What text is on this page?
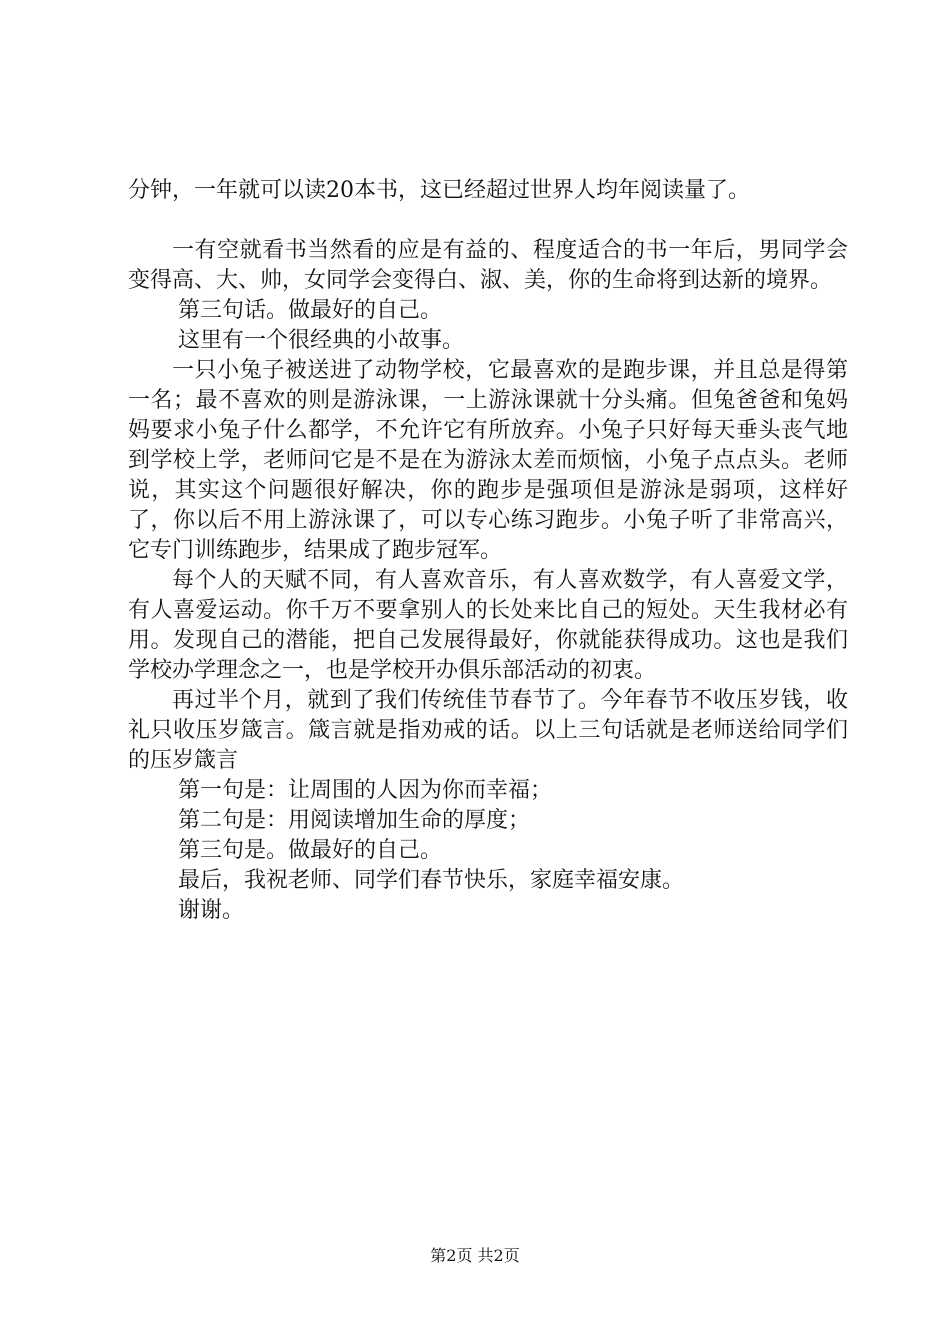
分钟，一年就可以读20本书，这已经超过世界人均年阅读量了。

一有空就看书当然看的应是有益的、程度适合的书一年后，男同学会变得高、大、帅，女同学会变得白、淑、美，你的生命将到达新的境界。

第三句话。做最好的自己。

这里有一个很经典的小故事。

一只小兔子被送进了动物学校，它最喜欢的是跑步课，并且总是得第一名；最不喜欢的则是游泳课，一上游泳课就十分头痛。但兔爸爸和兔妈妈要求小兔子什么都学，不允许它有所放弃。小兔子只好每天垂头丧气地到学校上学，老师问它是不是在为游泳太差而烦恼，小兔子点点头。老师说，其实这个问题很好解决，你的跑步是强项但是游泳是弱项，这样好了，你以后不用上游泳课了，可以专心练习跑步。小兔子听了非常高兴，它专门训练跑步，结果成了跑步冠军。

每个人的天赋不同，有人喜欢音乐，有人喜欢数学，有人喜爱文学，有人喜爱运动。你千万不要拿别人的长处来比自己的短处。天生我材必有用。发现自己的潜能，把自己发展得最好，你就能获得成功。这也是我们学校办学理念之一，也是学校开办俱乐部活动的初衷。

再过半个月，就到了我们传统佳节春节了。今年春节不收压岁钱，收礼只收压岁箴言。箴言就是指劝戒的话。以上三句话就是老师送给同学们的压岁箴言

第一句是：让周围的人因为你而幸福；

第二句是：用阅读增加生命的厚度；

第三句是。做最好的自己。

最后，我祝老师、同学们春节快乐，家庭幸福安康。

谢谢。

第2页 共2页
